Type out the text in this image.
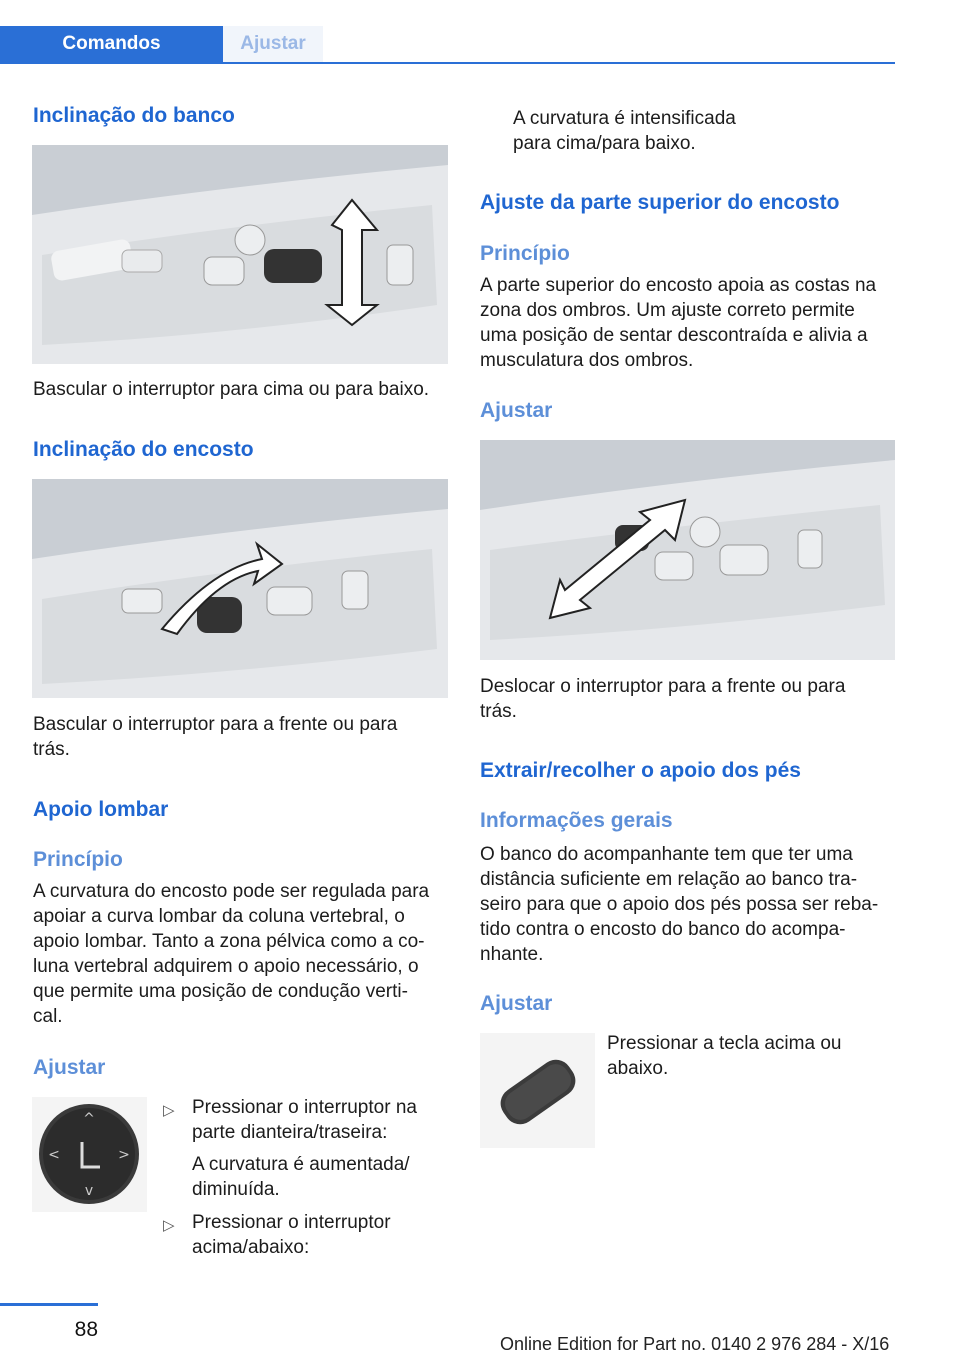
Comandos	Ajustar
Inclinação do banco

Bascular o interruptor para cima ou para baixo.

Inclinação do encosto

Bascular o interruptor para a frente ou para

trás.

Apoio lombar
Princípio

A curvatura do encosto pode ser regulada para

apoiar a curva lombar da coluna vertebral, o

apoio lombar. Tanto a zona pélvica como a co‐

luna vertebral adquirem o apoio necessário, o

que permite uma posição de condução verti‐

cal.

Ajustar
^
v
<	>
▷ Pressionar o interruptor na

parte dianteira/traseira:

A curvatura é aumentada/

diminuída.

▷ Pressionar o interruptor

acima/abaixo:

A curvatura é intensificada

para cima/para baixo.

Ajuste da parte superior do encosto
Princípio

A parte superior do encosto apoia as costas na

zona dos ombros. Um ajuste correto permite

uma posição de sentar descontraída e alivia a

musculatura dos ombros.

Ajustar

Deslocar o interruptor para a frente ou para

trás.

Extrair/recolher o apoio dos pés
Informações gerais

O banco do acompanhante tem que ter uma

distância suficiente em relação ao banco tra‐

seiro para que o apoio dos pés possa ser reba‐

tido contra o encosto do banco do acompa‐

nhante.

Ajustar

Pressionar a tecla acima ou

abaixo.

88
Online Edition for Part no. 0140 2 976 284 - X/16
